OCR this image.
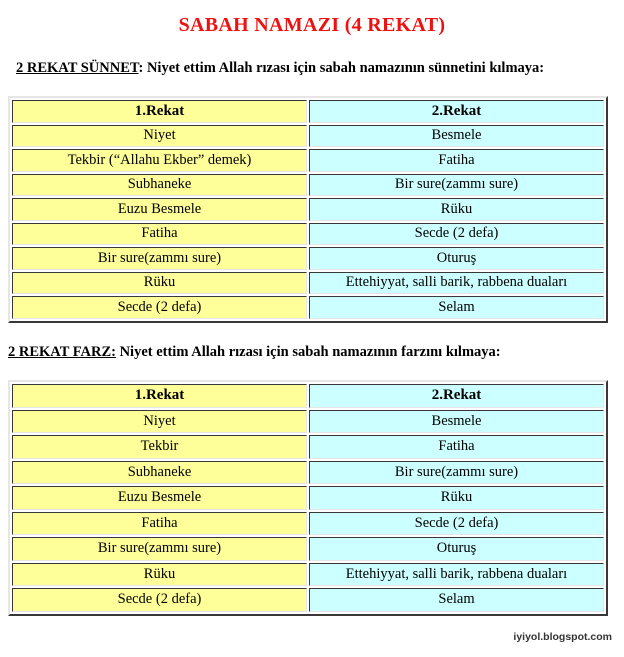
SABAH NAMAZI (4 REKAT)
2 REKAT SÜNNET: Niyet ettim Allah rızası için sabah namazının sünnetini kılmaya:
1.Rekat	2.Rekat
Niyet	Besmele
Tekbir (“Allahu Ekber” demek)	Fatiha
Subhaneke	Bir sure(zammı sure)
Euzu Besmele	Rüku
Fatiha	Secde (2 defa)
Bir sure(zammı sure)	Oturuş
Rüku	Ettehiyyat, salli barik, rabbena duaları
Secde (2 defa)	Selam
2 REKAT FARZ: Niyet ettim Allah rızası için sabah namazının farzını kılmaya:
1.Rekat	2.Rekat
Niyet	Besmele
Tekbir	Fatiha
Subhaneke	Bir sure(zammı sure)
Euzu Besmele	Rüku
Fatiha	Secde (2 defa)
Bir sure(zammı sure)	Oturuş
Rüku	Ettehiyyat, salli barik, rabbena duaları
Secde (2 defa)	Selam
iyiyol.blogspot.com
